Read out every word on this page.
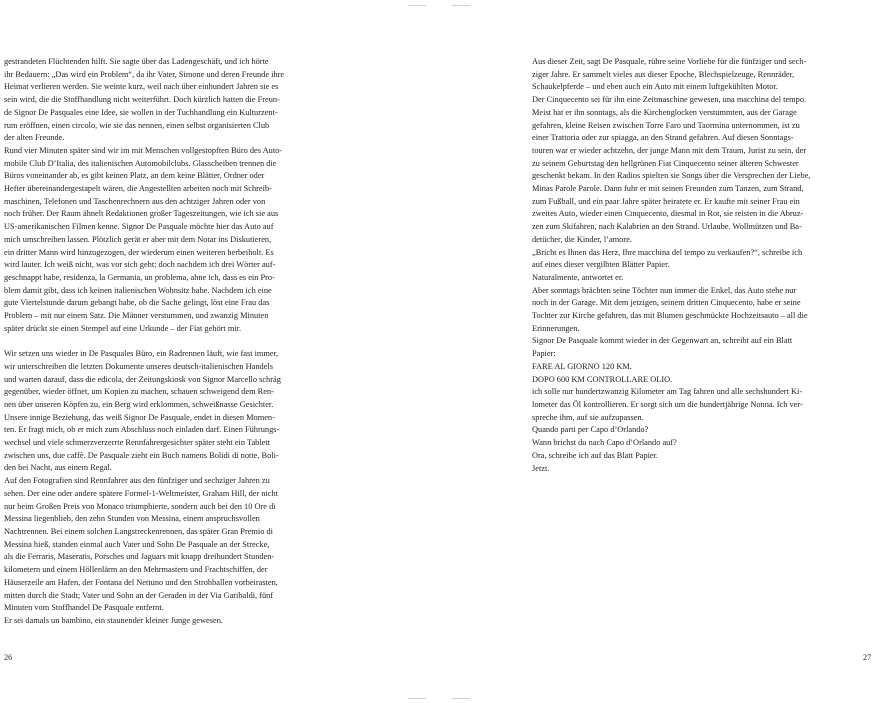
gestrandeten Flüchtenden hilft. Sie sagte über das Ladengeschäft, und ich hörte
ihr Bedauern: „Das wird ein Problem“, da ihr Vater, Simone und deren Freunde ihre
Heimat verlieren werden. Sie weinte kurz, weil nach über einhundert Jahren sie es
sein wird, die die Stoffhandlung nicht weiterführt. Doch kürzlich hatten die Freun-
de Signor De Pasquales eine Idee, sie wollen in der Tuchhandlung ein Kulturzent-
rum eröffnen, einen circolo, wie sie das nennen, einen selbst organisierten Club
der alten Freunde.
Rund vier Minuten später sind wir im mit Menschen vollgestopften Büro des Auto-
mobile Club D’Italia, des italienischen Automobilclubs. Glasscheiben trennen die
Büros voneinander ab, es gibt keinen Platz, an dem keine Blätter, Ordner oder
Hefter übereinandergestapelt wären, die Angestellten arbeiten noch mit Schreib-
maschinen, Telefonen und Taschenrechnern aus den achtziger Jahren oder von
noch früher. Der Raum ähnelt Redaktionen großer Tageszeitungen, wie ich sie aus
US-amerikanischen Filmen kenne. Signor De Pasquale möchte hier das Auto auf
mich umschreiben lassen. Plötzlich gerät er aber mit dem Notar ins Diskutieren,
ein dritter Mann wird hinzugezogen, der wiederum einen weiteren herbeiholt. Es
wird lauter. Ich weiß nicht, was vor sich geht; doch nachdem ich drei Wörter auf-
geschnappt habe, residenza, la Germania, un problema, ahne ich, dass es ein Pro-
blem damit gibt, dass ich keinen italienischen Wohnsitz habe. Nachdem ich eine
gute Viertelstunde darum gebangt habe, ob die Sache gelingt, löst eine Frau das
Problem – mit nur einem Satz. Die Männer verstummen, und zwanzig Minuten
später drückt sie einen Stempel auf eine Urkunde – der Fiat gehört mir.
Wir setzen uns wieder in De Pasquales Büro, ein Radrennen läuft, wie fast immer,
wir unterschreiben die letzten Dokumente unseres deutsch-italienischen Handels
und warten darauf, dass die edicola, der Zeitungskiosk von Signor Marcello schräg
gegenüber, wieder öffnet, um Kopien zu machen, schauen schweigend dem Ren-
nen über unseren Köpfen zu, ein Berg wird erklommen, schweißnasse Gesichter.
Unsere innige Beziehung, das weiß Signor De Pasquale, endet in diesen Momen-
ten. Er fragt mich, ob er mich zum Abschluss noch einladen darf. Einen Führungs-
wechsel und viele schmerzverzerrte Rennfahrergesichter später steht ein Tablett
zwischen uns, due caffè. De Pasquale zieht ein Buch namens Bolidi di notte, Boli-
den bei Nacht, aus einem Regal.
Auf den Fotografien sind Rennfahrer aus den fünfziger und sechziger Jahren zu
sehen. Der eine oder andere spätere Formel-1-Weltmeister, Graham Hill, der nicht
nur beim Großen Preis von Monaco triumphierte, sondern auch bei den 10 Ore di
Messina liegenblieb, den zehn Stunden von Messina, einem anspruchsvollen
Nachtrennen. Bei einem solchen Langstreckenrennen, das später Gran Premio di
Messina hieß, standen einmal auch Vater und Sohn De Pasquale an der Strecke,
als die Ferraris, Maseratis, Porsches und Jaguars mit knapp dreihundert Stunden-
kilometern und einem Höllenlärm an den Mehrmastern und Frachtschiffen, der
Häuserzeile am Hafen, der Fontana del Nettuno und den Strohballen vorbeirasten,
mitten durch die Stadt; Vater und Sohn an der Geraden in der Via Garibaldi, fünf
Minuten vom Stoffhandel De Pasquale entfernt.
Er sei damals un bambino, ein staunender kleiner Junge gewesen.
26
Aus dieser Zeit, sagt De Pasquale, rühre seine Vorliebe für die fünfziger und sech-
ziger Jahre. Er sammelt vieles aus dieser Epoche, Blechspielzeuge, Rennräder,
Schaukelpferde – und eben auch ein Auto mit einem luftgekühlten Motor.
Der Cinquecento sei für ihn eine Zeitmaschine gewesen, una macchina del tempo.
Meist hat er ihn sonntags, als die Kirchenglocken verstummten, aus der Garage
gefahren, kleine Reisen zwischen Torre Faro und Taormina unternommen, ist zu
einer Trattoria oder zur spiagga, an den Strand gefahren. Auf diesen Sonntags-
touren war er wieder achtzehn, der junge Mann mit dem Traum, Jurist zu sein, der
zu seinem Geburtstag den hellgrünen Fiat Cinquecento seiner älteren Schwester
geschenkt bekam. In den Radios spielten sie Songs über die Versprechen der Liebe,
Minas Parole Parole. Dann fuhr er mit seinen Freunden zum Tanzen, zum Strand,
zum Fußball, und ein paar Jahre später heiratete er. Er kaufte mit seiner Frau ein
zweites Auto, wieder einen Cinquecento, diesmal in Rot, sie reisten in die Abruz-
zen zum Skifahren, nach Kalabrien an den Strand. Urlaube. Wollmützen und Ba-
detücher, die Kinder, l’amore.
„Bricht es Ihnen das Herz, Ihre macchina del tempo zu verkaufen?“, schreibe ich
auf eines dieser vergilbten Blätter Papier.
Naturalmente, antwortet er.
Aber sonntags brächten seine Töchter nun immer die Enkel, das Auto stehe nur
noch in der Garage. Mit dem jetzigen, seinem dritten Cinquecento, habe er seine
Tochter zur Kirche gefahren, das mit Blumen geschmückte Hochzeitsauto – all die
Erinnerungen.
Signor De Pasquale kommt wieder in der Gegenwart an, schreibt auf ein Blatt
Papier:
FARE AL GIORNO 120 KM.
DOPO 600 KM CONTROLLARE OLIO.
ich solle nur hundertzwanzig Kilometer am Tag fahren und alle sechshundert Ki-
lometer das Öl kontrollieren. Er sorgt sich um die hundertjährige Nonna. Ich ver-
spreche ihm, auf sie aufzupassen.
Quando parti per Capo d’Orlando?
Wann brichst du nach Capo d’Orlando auf?
Ora, schreibe ich auf das Blatt Papier.
Jetzt.
27
